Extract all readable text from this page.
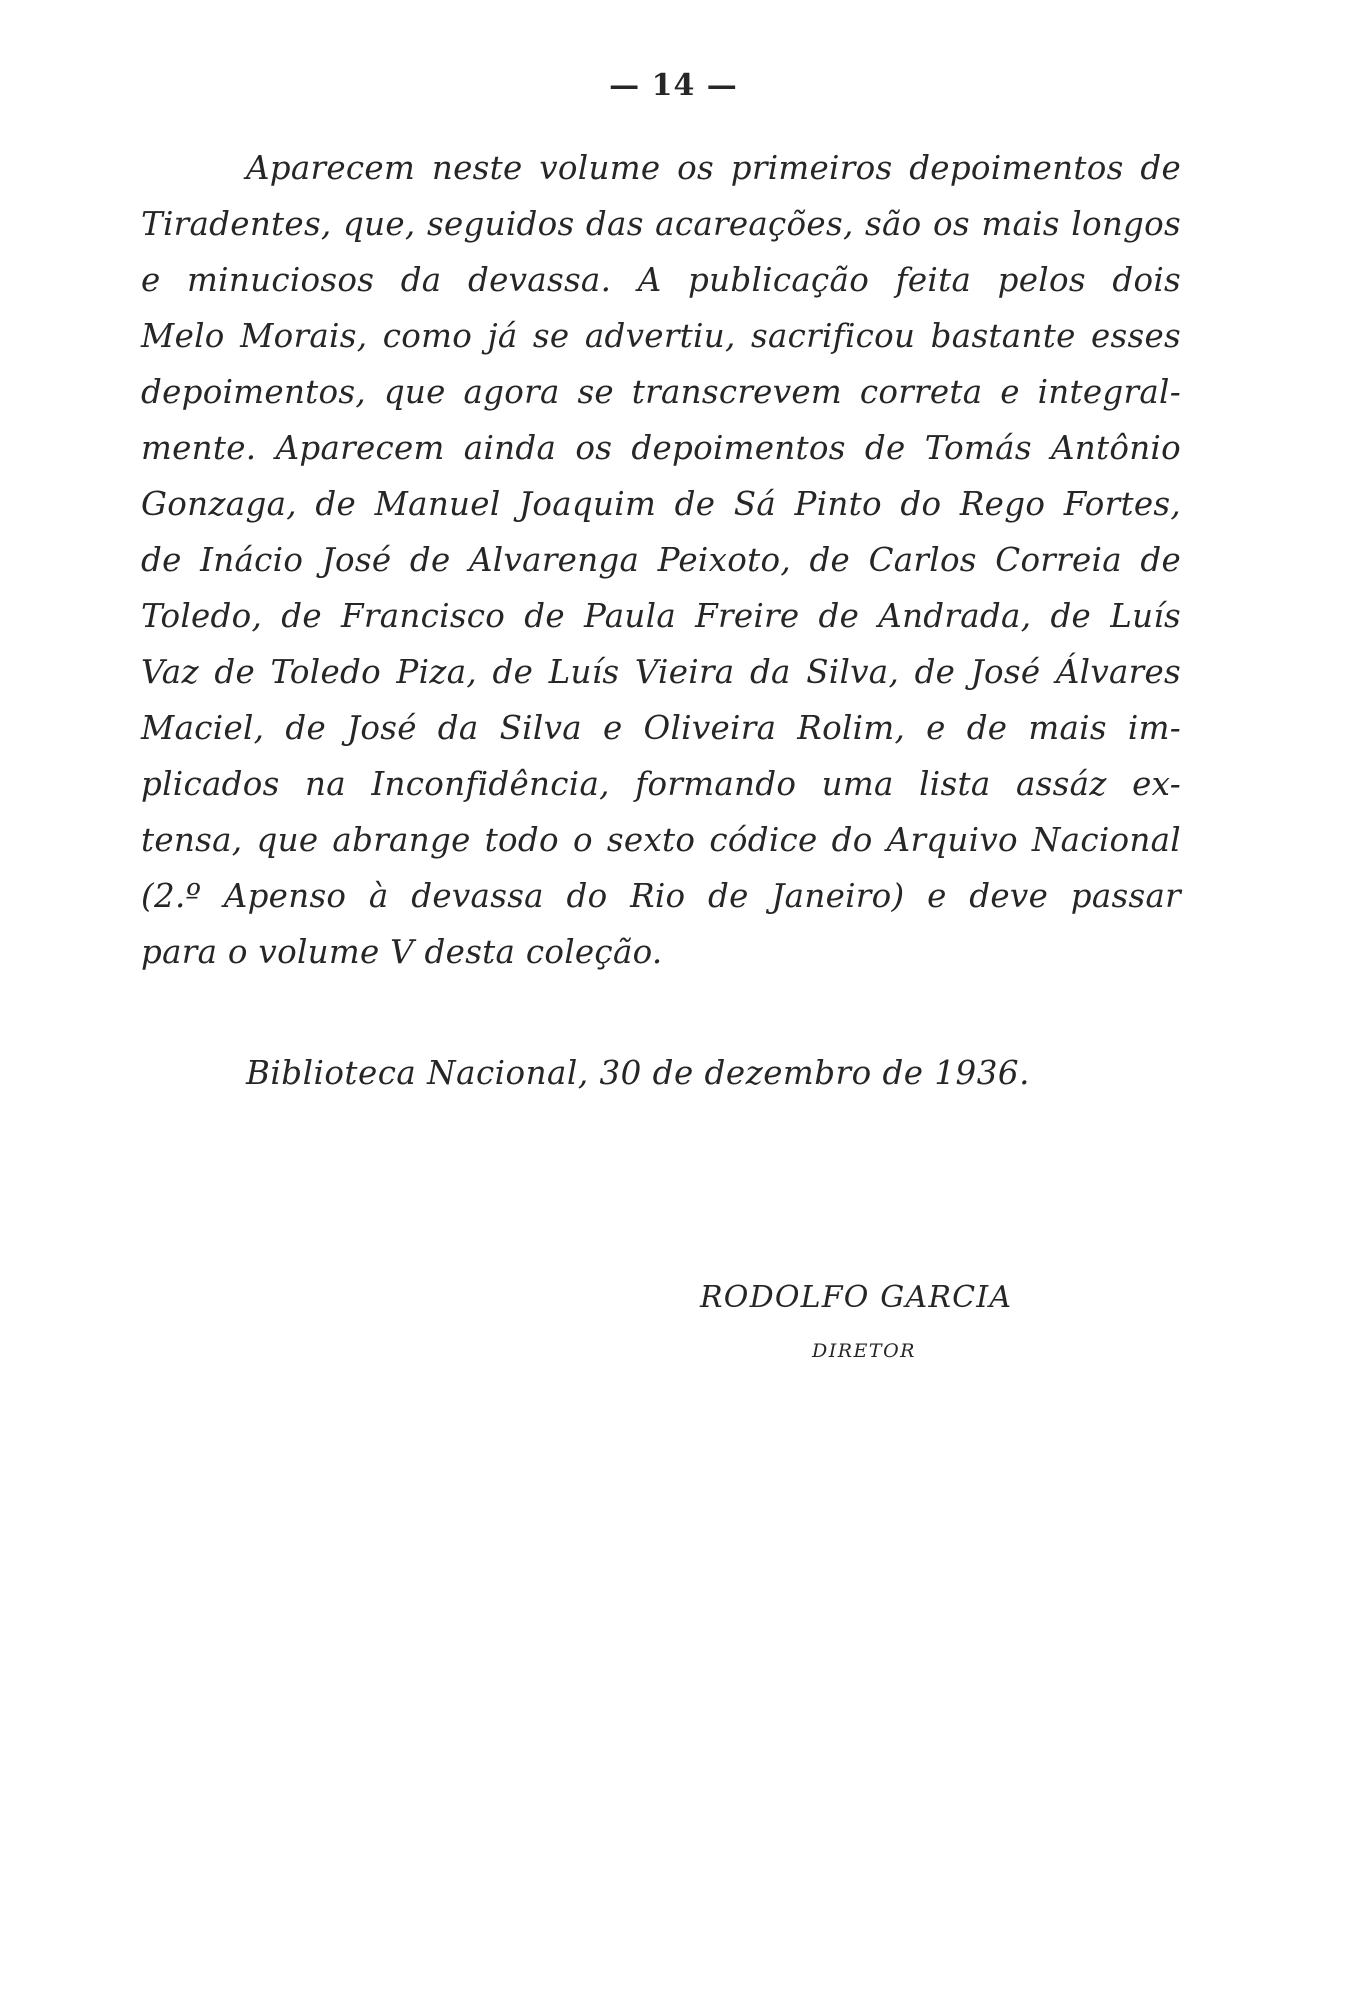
— 14 —
Aparecem neste volume os primeiros depoimentos de
Tiradentes, que, seguidos das acareações, são os mais longos
e minuciosos da devassa. A publicação feita pelos dois
Melo Morais, como já se advertiu, sacrificou bastante esses
depoimentos, que agora se transcrevem correta e integral-
mente. Aparecem ainda os depoimentos de Tomás Antônio
Gonzaga, de Manuel Joaquim de Sá Pinto do Rego Fortes,
de Inácio José de Alvarenga Peixoto, de Carlos Correia de
Toledo, de Francisco de Paula Freire de Andrada, de Luís
Vaz de Toledo Piza, de Luís Vieira da Silva, de José Álvares
Maciel, de José da Silva e Oliveira Rolim, e de mais im-
plicados na Inconfidência, formando uma lista assáz ex-
tensa, que abrange todo o sexto códice do Arquivo Nacional
(2.º Apenso à devassa do Rio de Janeiro) e deve passar
para o volume V desta coleção.
Biblioteca Nacional, 30 de dezembro de 1936.
RODOLFO GARCIA
DIRETOR
